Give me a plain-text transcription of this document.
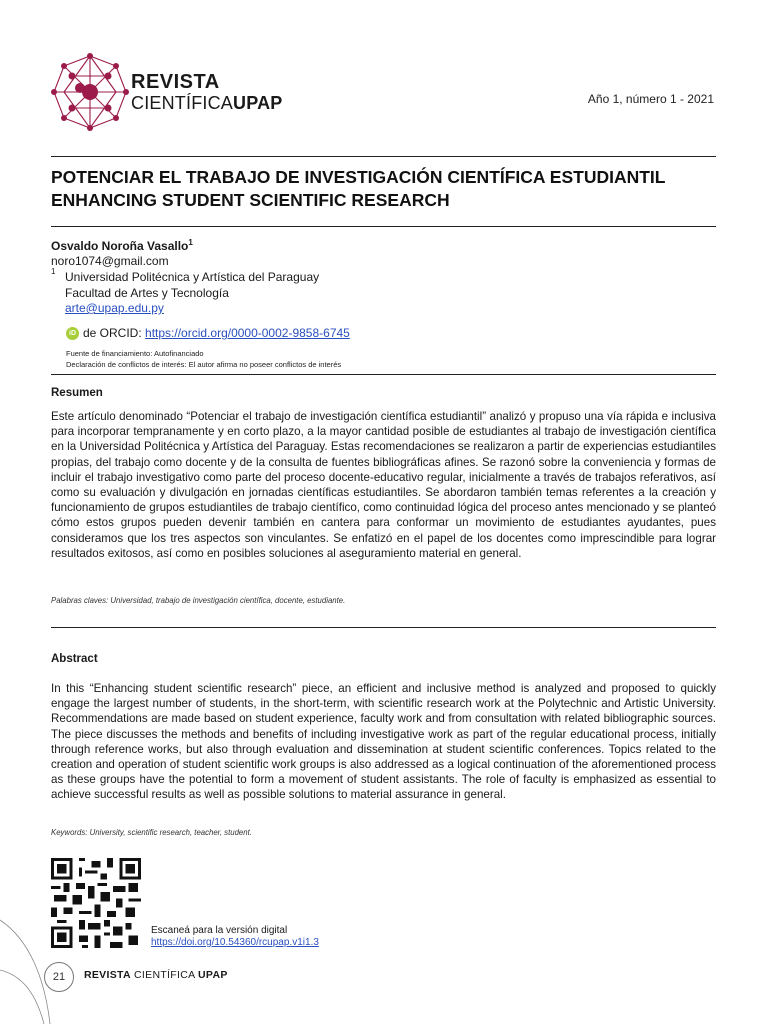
REVISTA
CIENTÍFICAUPAP	Año 1, número 1 - 2021
POTENCIAR EL TRABAJO DE INVESTIGACIÓN CIENTÍFICA ESTUDIANTIL
ENHANCING STUDENT SCIENTIFIC RESEARCH
Osvaldo Noroña Vasallo$^1$
noro1074@gmail.com
1 Universidad Politécnica y Artística del Paraguay
Facultad de Artes y Tecnología
arte@upap.edu.py
iD de ORCID: https://orcid.org/0000-0002-9858-6745
Fuente de financiamiento: Autofinanciado
Declaración de conflictos de interés: El autor afirma no poseer conflictos de interés
Resumen
Este artículo denominado “Potenciar el trabajo de investigación científica estudiantil” analizó y propuso una vía rápida e inclusiva para incorporar tempranamente y en corto plazo, a la mayor cantidad posible de estudiantes al trabajo de investigación científica en la Universidad Politécnica y Artística del Paraguay. Estas recomendaciones se realizaron a partir de experiencias estudiantiles propias, del trabajo como docente y de la consulta de fuentes bibliográficas afines. Se razonó sobre la conveniencia y formas de incluir el trabajo investigativo como parte del proceso docente-educativo regular, inicialmente a través de trabajos referativos, así como su evaluación y divulgación en jornadas científicas estudiantiles. Se abordaron también temas referentes a la creación y funcionamiento de grupos estudiantiles de trabajo científico, como continuidad lógica del proceso antes mencionado y se planteó cómo estos grupos pueden devenir también en cantera para conformar un movimiento de estudiantes ayudantes, pues consideramos que los tres aspectos son vinculantes. Se enfatizó en el papel de los docentes como imprescindible para lograr resultados exitosos, así como en posibles soluciones al aseguramiento material en general.
Palabras claves: Universidad, trabajo de investigación científica, docente, estudiante.
Abstract
In this “Enhancing student scientific research” piece, an efficient and inclusive method is analyzed and proposed to quickly engage the largest number of students, in the short-term, with scientific research work at the Polytechnic and Artistic University. Recommendations are made based on student experience, faculty work and from consultation with related bibliographic sources. The piece discusses the methods and benefits of including investigative work as part of the regular educational process, initially through reference works, but also through evaluation and dissemination at student scientific conferences. Topics related to the creation and operation of student scientific work groups is also addressed as a logical continuation of the aforementioned process as these groups have the potential to form a movement of student assistants. The role of faculty is emphasized as essential to achieve successful results as well as possible solutions to material assurance in general.
Keywords: University, scientific research, teacher, student.
Escaneá para la versión digital
https://doi.org/10.54360/rcupap.v1i1.3
21	REVISTA CIENTÍFICA UPAP
